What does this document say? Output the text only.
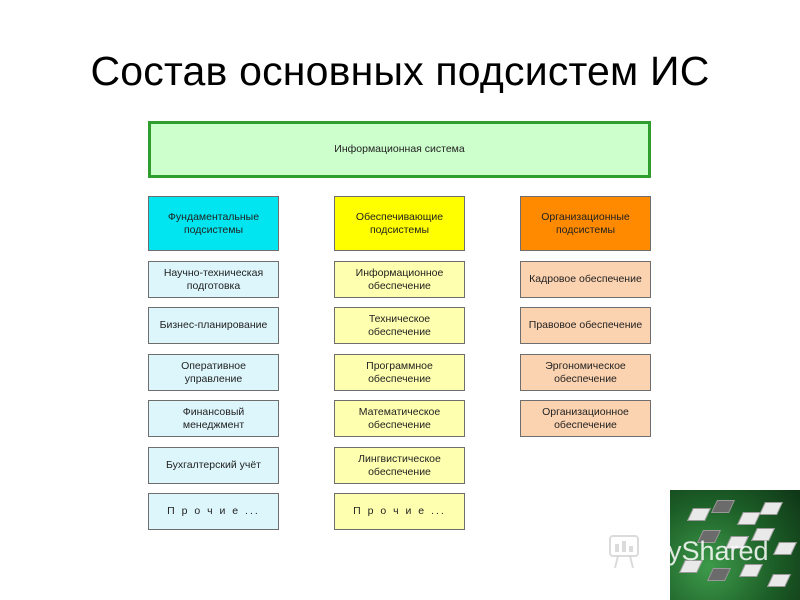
Состав основных подсистем ИС
Информационная система
Фундаментальные
подсистемы
Научно-техническая
подготовка
Бизнес-планирование
Оперативное
управление
Финансовый
менеджмент
Бухгалтерский учёт
П р о ч и е ...
Обеспечивающие
подсистемы
Информационное
обеспечение
Техническое
обеспечение
Программное
обеспечение
Математическое
обеспечение
Лингвистическое
обеспечение
П р о ч и е ...
Организационные
подсистемы
Кадровое обеспечение
Правовое обеспечение
Эргономическое
обеспечение
Организационное
обеспечение
yShared
